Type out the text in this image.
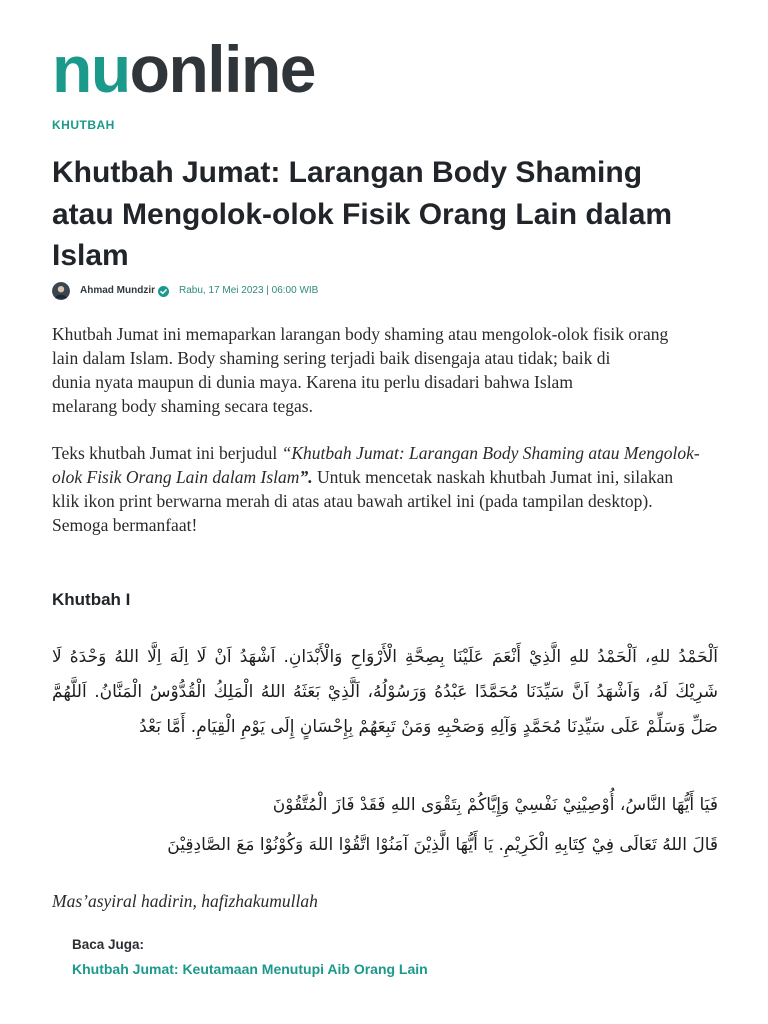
nuonline
KHUTBAH
Khutbah Jumat: Larangan Body Shaming atau Mengolok-olok Fisik Orang Lain dalam Islam
Ahmad Mundzir Rabu, 17 Mei 2023 | 06:00 WIB
Khutbah Jumat ini memaparkan larangan body shaming atau mengolok-olok fisik orang
lain dalam Islam. Body shaming sering terjadi baik disengaja atau tidak; baik di
dunia nyata maupun di dunia maya. Karena itu perlu disadari bahwa Islam
melarang body shaming secara tegas.
Teks khutbah Jumat ini berjudul “Khutbah Jumat: Larangan Body Shaming atau Mengolok-
olok Fisik Orang Lain dalam Islam”. Untuk mencetak naskah khutbah Jumat ini, silakan
klik ikon print berwarna merah di atas atau bawah artikel ini (pada tampilan desktop).
Semoga bermanfaat!
Khutbah I
اَلْحَمْدُ للهِ، اَلْحَمْدُ للهِ الَّذِيْ أَنْعَمَ عَلَيْنَا بِصِحَّةِ الْأَرْوَاحِ وَالْأَبْدَانِ. اَشْهَدُ اَنْ لَا اِلَهَ اِلَّا اللهُ وَحْدَهُ لَا شَرِيْكَ لَهُ، وَاَشْهَدُ اَنَّ سَيِّدَنَا مُحَمَّدًا عَبْدُهُ وَرَسُوْلُهُ، اَلَّذِيْ بَعَثَهُ اللهُ الْمَلِكُ الْقُدُّوْسُ الْمَنَّانُ. اَللَّهُمَّ صَلِّ وَسَلِّمْ عَلَى سَيِّدِنَا مُحَمَّدٍ وَآلِهِ وَصَحْبِهِ وَمَنْ تَبِعَهُمْ بِإِحْسَانٍ إِلَى يَوْمِ الْقِيَامِ. أَمَّا بَعْدُ
فَيَا أَيُّهَا النَّاسُ، أُوْصِيْنِيْ نَفْسِيْ وَإِيَّاكُمْ بِتَقْوَى اللهِ فَقَدْ فَازَ الْمُتَّقُوْنَ
قَالَ اللهُ تَعَالَى فِيْ كِتَابِهِ الْكَرِيْمِ. يَا أَيُّهَا الَّذِيْنَ آمَنُوْا اتَّقُوْا اللهَ وَكُوْنُوْا مَعَ الصَّادِقِيْنَ
Mas’asyiral hadirin, hafizhakumullah
Baca Juga:
Khutbah Jumat: Keutamaan Menutupi Aib Orang Lain
